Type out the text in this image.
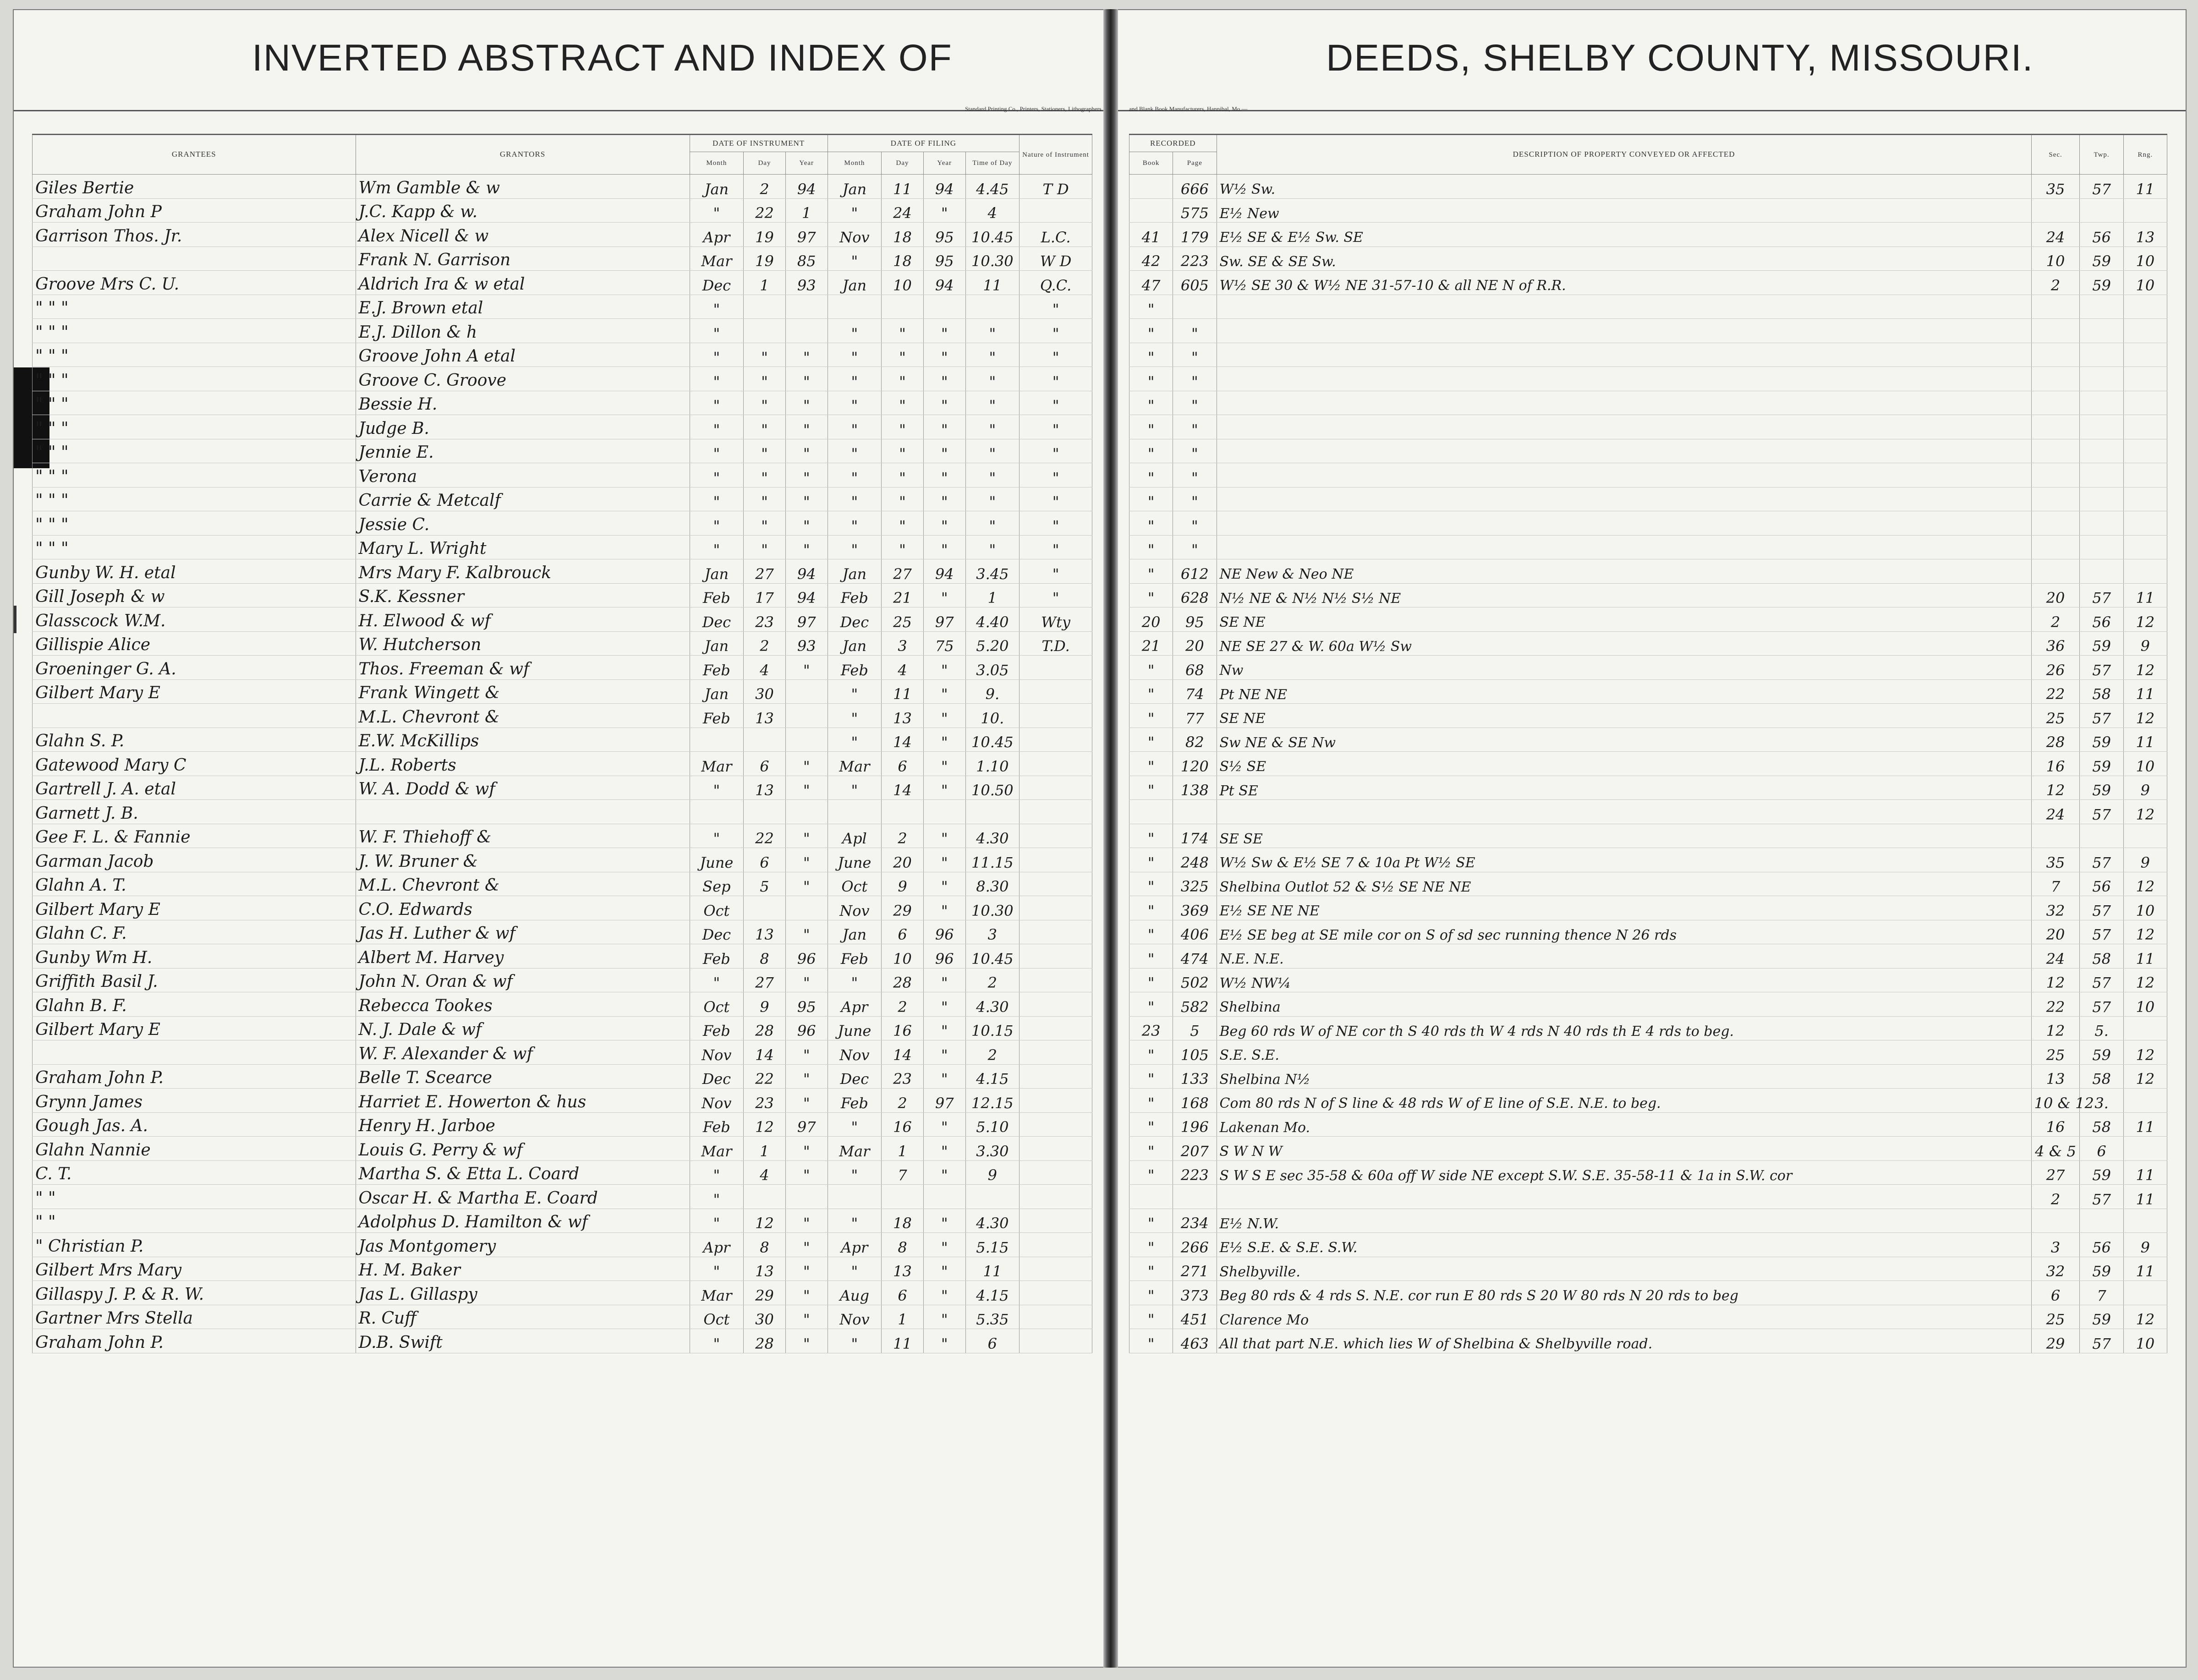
INVERTED ABSTRACT AND INDEX OF
Standard Printing Co., Printers, Stationers, Lithographers
GRANTEES	GRANTORS	DATE OF INSTRUMENT			DATE OF FILING				Nature of Instrument
		Month	Day	Year	Month	Day	Year	Time of Day	
Giles Bertie	Wm Gamble & w	Jan	2	94	Jan	11	94	4.45	T D
Graham John P	J.C. Kapp & w.	"	22	1	"	24	"	4	
Garrison Thos. Jr.	Alex Nicell & w	Apr	19	97	Nov	18	95	10.45	L.C.
	Frank N. Garrison	Mar	19	85	"	18	95	10.30	W D
Groove Mrs C. U.	Aldrich Ira & w etal	Dec	1	93	Jan	10	94	11	Q.C.
" " "	E.J. Brown etal	"							"
" " "	E.J. Dillon & h	"			"	"	"	"	"
" " "	Groove John A etal	"	"	"	"	"	"	"	"
" " "	Groove C. Groove	"	"	"	"	"	"	"	"
" " "	Bessie H.	"	"	"	"	"	"	"	"
" " "	Judge B.	"	"	"	"	"	"	"	"
" " "	Jennie E.	"	"	"	"	"	"	"	"
" " "	Verona	"	"	"	"	"	"	"	"
" " "	Carrie & Metcalf	"	"	"	"	"	"	"	"
" " "	Jessie C.	"	"	"	"	"	"	"	"
" " "	Mary L. Wright	"	"	"	"	"	"	"	"
Gunby W. H. etal	Mrs Mary F. Kalbrouck	Jan	27	94	Jan	27	94	3.45	"
Gill Joseph & w	S.K. Kessner	Feb	17	94	Feb	21	"	1	"
Glasscock W.M.	H. Elwood & wf	Dec	23	97	Dec	25	97	4.40	Wty
Gillispie Alice	W. Hutcherson	Jan	2	93	Jan	3	75	5.20	T.D.
Groeninger G. A.	Thos. Freeman & wf	Feb	4	"	Feb	4	"	3.05	
Gilbert Mary E	Frank Wingett &	Jan	30		"	11	"	9.	
	M.L. Chevront &	Feb	13		"	13	"	10.	
Glahn S. P.	E.W. McKillips				"	14	"	10.45	
Gatewood Mary C	J.L. Roberts	Mar	6	"	Mar	6	"	1.10	
Gartrell J. A. etal	W. A. Dodd & wf	"	13	"	"	14	"	10.50	
Garnett J. B.									
Gee F. L. & Fannie	W. F. Thiehoff &	"	22	"	Apl	2	"	4.30	
Garman Jacob	J. W. Bruner &	June	6	"	June	20	"	11.15	
Glahn A. T.	M.L. Chevront &	Sep	5	"	Oct	9	"	8.30	
Gilbert Mary E	C.O. Edwards	Oct			Nov	29	"	10.30	
Glahn C. F.	Jas H. Luther & wf	Dec	13	"	Jan	6	96	3	
Gunby Wm H.	Albert M. Harvey	Feb	8	96	Feb	10	96	10.45	
Griffith Basil J.	John N. Oran & wf	"	27	"	"	28	"	2	
Glahn B. F.	Rebecca Tookes	Oct	9	95	Apr	2	"	4.30	
Gilbert Mary E	N. J. Dale & wf	Feb	28	96	June	16	"	10.15	
	W. F. Alexander & wf	Nov	14	"	Nov	14	"	2	
Graham John P.	Belle T. Scearce	Dec	22	"	Dec	23	"	4.15	
Grynn James	Harriet E. Howerton & hus	Nov	23	"	Feb	2	97	12.15	
Gough Jas. A.	Henry H. Jarboe	Feb	12	97	"	16	"	5.10	
Glahn Nannie	Louis G. Perry & wf	Mar	1	"	Mar	1	"	3.30	
C. T.	Martha S. & Etta L. Coard	"	4	"	"	7	"	9	
" "	Oscar H. & Martha E. Coard	"							
" "	Adolphus D. Hamilton & wf	"	12	"	"	18	"	4.30	
" Christian P.	Jas Montgomery	Apr	8	"	Apr	8	"	5.15	
Gilbert Mrs Mary	H. M. Baker	"	13	"	"	13	"	11	
Gillaspy J. P. & R. W.	Jas L. Gillaspy	Mar	29	"	Aug	6	"	4.15	
Gartner Mrs Stella	R. Cuff	Oct	30	"	Nov	1	"	5.35	
Graham John P.	D.B. Swift	"	28	"	"	11	"	6	
DEEDS, SHELBY COUNTY, MISSOURI.
and Blank Book Manufacturers, Hannibal, Mo.—
RECORDED		DESCRIPTION OF PROPERTY CONVEYED OR AFFECTED	Sec.	Twp.	Rng.
Book	Page				
	666	W½ Sw.	35	57	11
	575	E½ New			
41	179	E½ SE & E½ Sw. SE	24	56	13
42	223	Sw. SE & SE Sw.	10	59	10
47	605	W½ SE 30 & W½ NE 31-57-10 & all NE N of R.R.	2	59	10
"					
"	"				
"	"				
"	"				
"	"				
"	"				
"	"				
"	"				
"	"				
"	"				
"	"				
"	612	NE New & Neo NE			
"	628	N½ NE & N½ N½ S½ NE	20	57	11
20	95	SE NE	2	56	12
21	20	NE SE 27 & W. 60a W½ Sw	36	59	9
"	68	Nw	26	57	12
"	74	Pt NE NE	22	58	11
"	77	SE NE	25	57	12
"	82	Sw NE & SE Nw	28	59	11
"	120	S½ SE	16	59	10
"	138	Pt SE	12	59	9
			24	57	12
"	174	SE SE			
"	248	W½ Sw & E½ SE 7 & 10a Pt W½ SE	35	57	9
"	325	Shelbina Outlot 52 & S½ SE NE NE	7	56	12
"	369	E½ SE NE NE	32	57	10
"	406	E½ SE beg at SE mile cor on S of sd sec running thence N 26 rds	20	57	12
"	474	N.E. N.E.	24	58	11
"	502	W½ NW¼	12	57	12
"	582	Shelbina	22	57	10
23	5	Beg 60 rds W of NE cor th S 40 rds th W 4 rds N 40 rds th E 4 rds to beg.	12	5.	
"	105	S.E. S.E.	25	59	12
"	133	Shelbina N½	13	58	12
"	168	Com 80 rds N of S line & 48 rds W of E line of S.E. N.E. to beg.	10 & 12	3.	
"	196	Lakenan Mo.	16	58	11
"	207	S W N W	4 & 5	6	
"	223	S W S E sec 35-58 & 60a off W side NE except S.W. S.E. 35-58-11 & 1a in S.W. cor	27	59	11
			2	57	11
"	234	E½ N.W.			
"	266	E½ S.E. & S.E. S.W.	3	56	9
"	271	Shelbyville.	32	59	11
"	373	Beg 80 rds & 4 rds S. N.E. cor run E 80 rds S 20 W 80 rds N 20 rds to beg	6	7	
"	451	Clarence Mo	25	59	12
"	463	All that part N.E. which lies W of Shelbina & Shelbyville road.	29	57	10
